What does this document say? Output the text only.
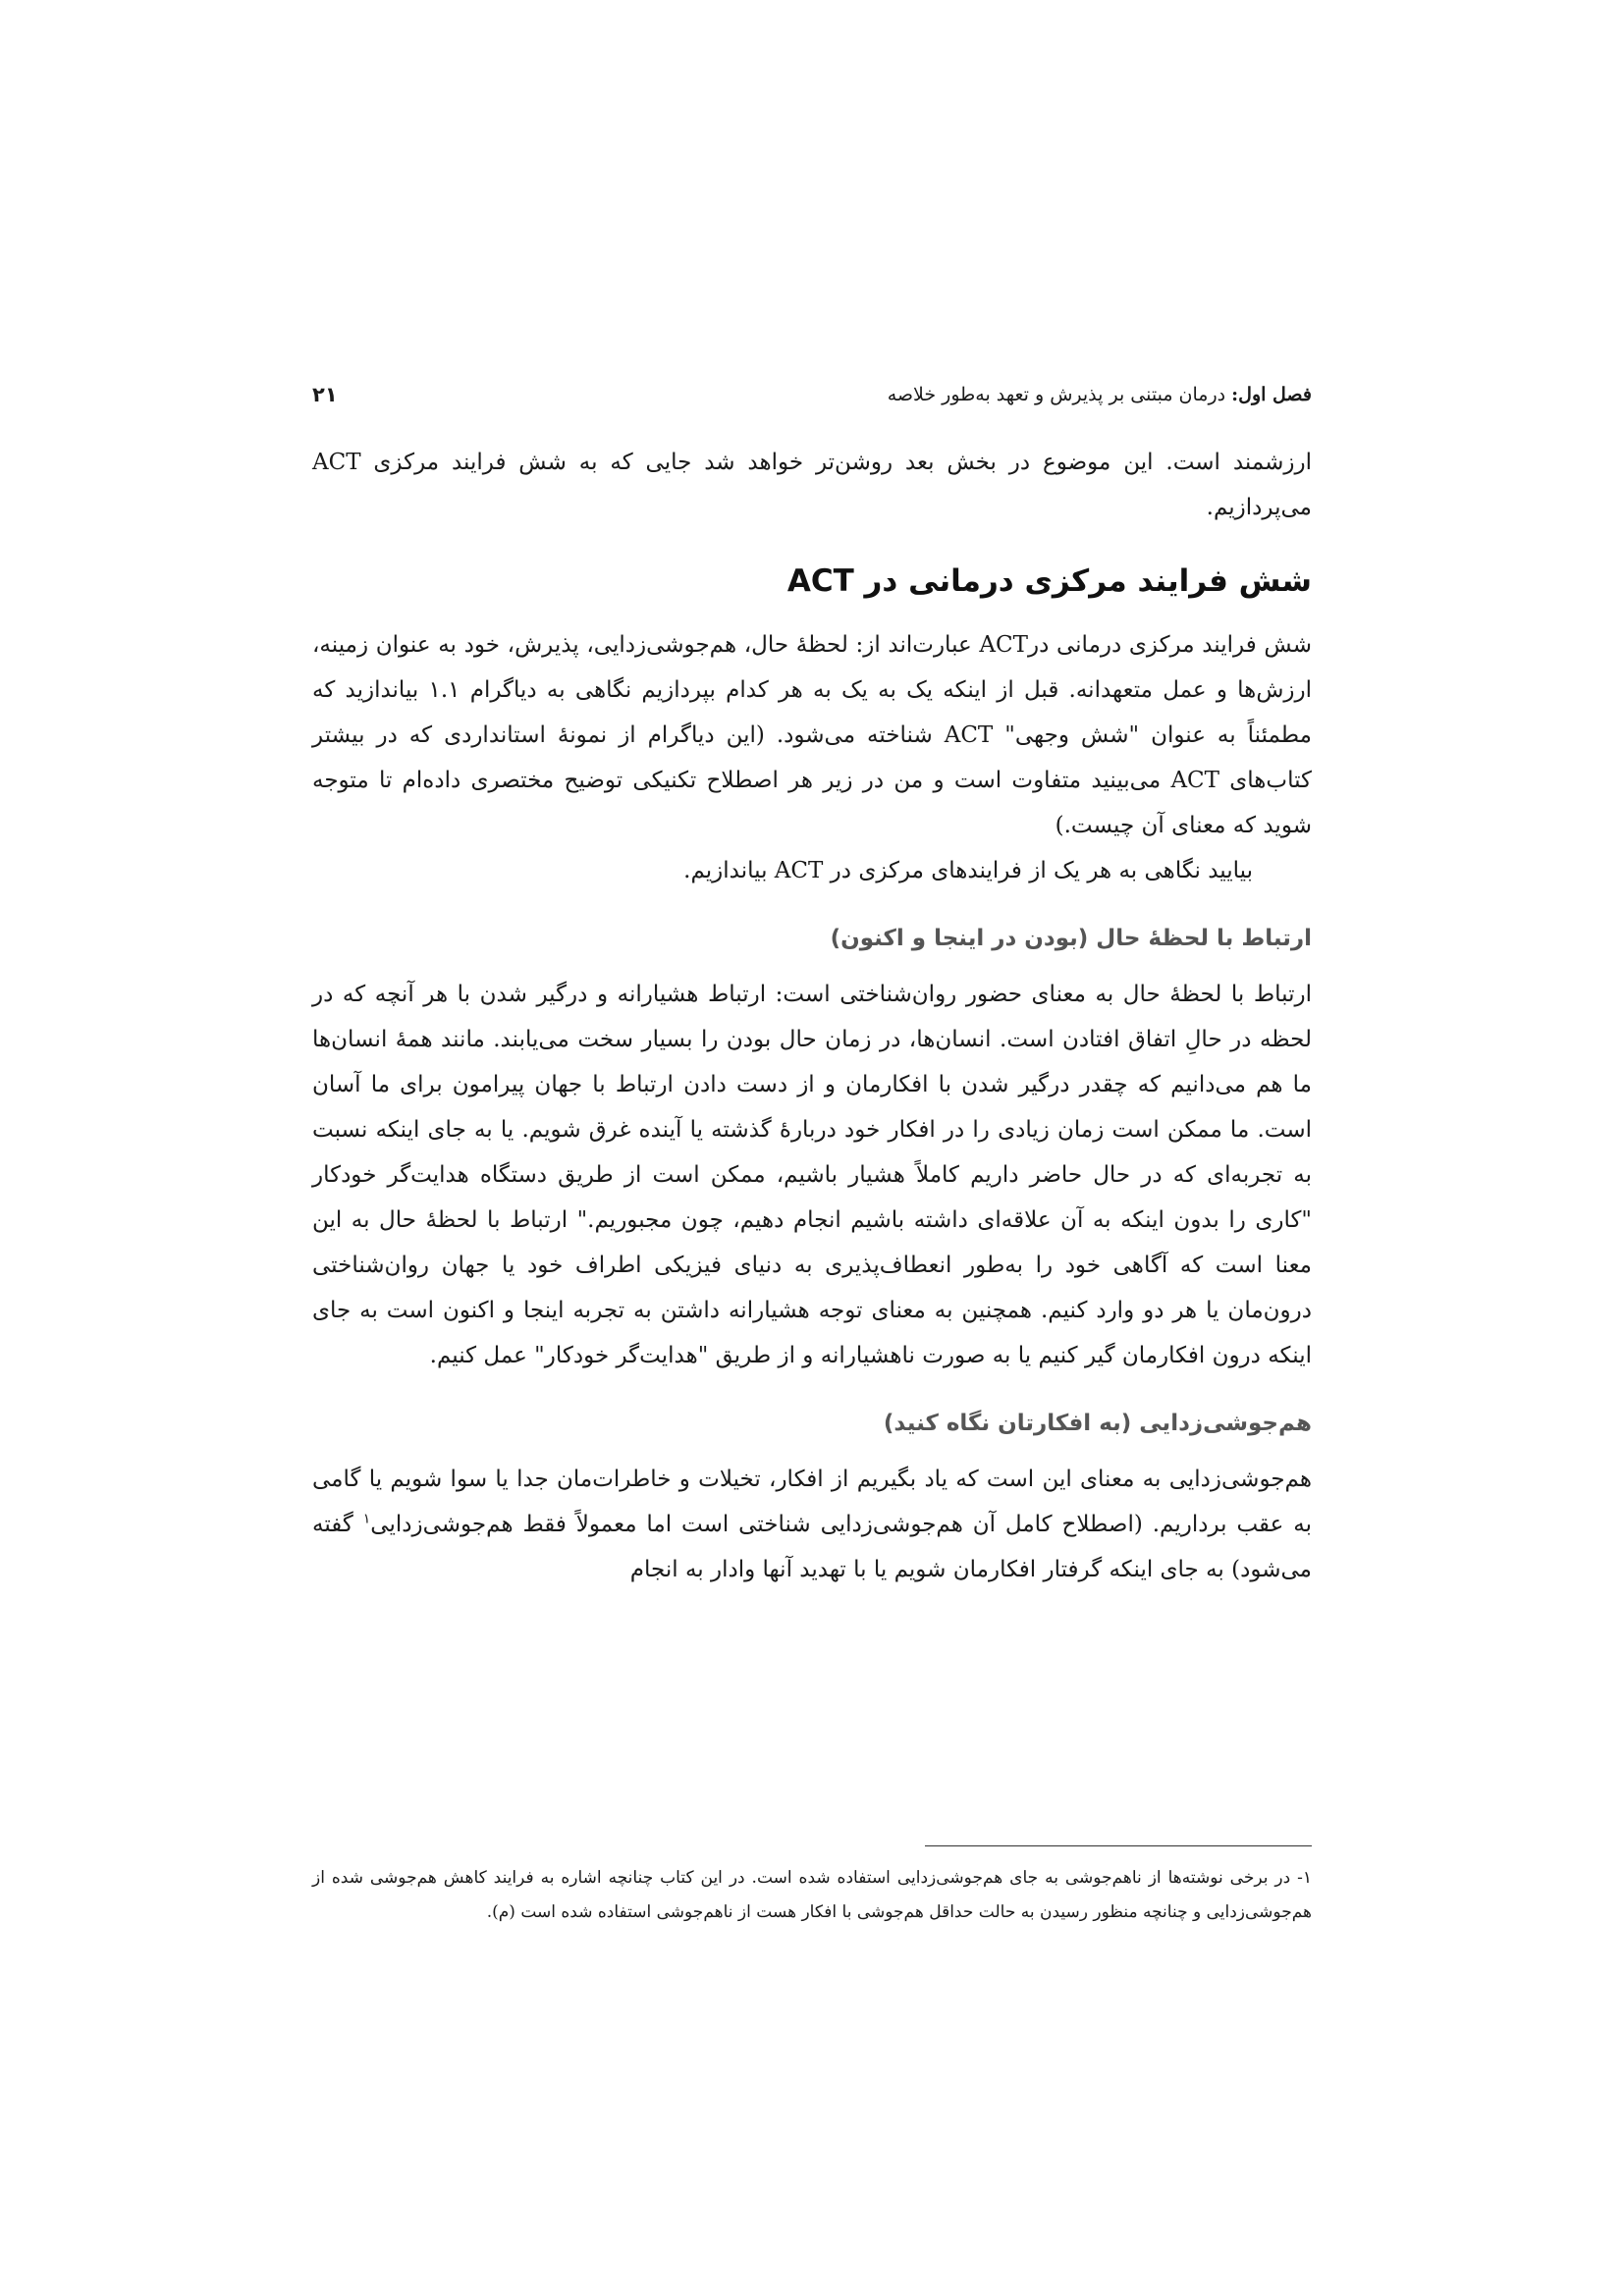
فصل اول: درمان مبتنی بر پذیرش و تعهد به‌طور خلاصه
۲۱

ارزشمند است. این موضوع در بخش بعد روشن‌تر خواهد شد جایی که به شش فرایند مرکزی ACT می‌پردازیم.

شش فرایند مرکزی درمانی در ACT

شش فرایند مرکزی درمانی درACT عبارت‌اند از: لحظهٔ حال، هم‌جوشی‌زدایی، پذیرش، خود به عنوان زمینه، ارزش‌ها و عمل متعهدانه. قبل از اینکه یک به یک به هر کدام بپردازیم نگاهی به دیاگرام ۱.۱ بیاندازید که مطمئناً به عنوان "شش وجهی" ACT شناخته می‌شود. (این دیاگرام از نمونهٔ استانداردی که در بیشتر کتاب‌های ACT می‌بینید متفاوت است و من در زیر هر اصطلاح تکنیکی توضیح مختصری داده‌ام تا متوجه شوید که معنای آن چیست.)

بیایید نگاهی به هر یک از فرایندهای مرکزی در ACT بیاندازیم.

ارتباط با لحظهٔ حال (بودن در اینجا و اکنون)

ارتباط با لحظهٔ حال به معنای حضور روان‌شناختی است: ارتباط هشیارانه و درگیر شدن با هر آنچه که در لحظه در حالِ اتفاق افتادن است. انسان‌ها، در زمان حال بودن را بسیار سخت می‌یابند. مانند همهٔ انسان‌ها ما هم می‌دانیم که چقدر درگیر شدن با افکارمان و از دست دادن ارتباط با جهان پیرامون برای ما آسان است. ما ممکن است زمان زیادی را در افکار خود دربارهٔ گذشته یا آینده غرق شویم. یا به جای اینکه نسبت به تجربه‌ای که در حال حاضر داریم کاملاً هشیار باشیم، ممکن است از طریق دستگاه هدایت‌گر خودکار "کاری را بدون اینکه به آن علاقه‌ای داشته باشیم انجام دهیم، چون مجبوریم." ارتباط با لحظهٔ حال به این معنا است که آگاهی خود را به‌طور انعطاف‌پذیری به دنیای فیزیکی اطراف خود یا جهان روان‌شناختی درون‌مان یا هر دو وارد کنیم. همچنین به معنای توجه هشیارانه داشتن به تجربه اینجا و اکنون است به جای اینکه درون افکارمان گیر کنیم یا به صورت ناهشیارانه و از طریق "هدایت‌گر خودکار" عمل کنیم.

هم‌جوشی‌زدایی (به افکارتان نگاه کنید)

هم‌جوشی‌زدایی به معنای این است که یاد بگیریم از افکار، تخیلات و خاطرات‌مان جدا یا سوا شویم یا گامی به عقب برداریم. (اصطلاح کامل آن هم‌جوشی‌زدایی شناختی است اما معمولاً فقط هم‌جوشی‌زدایی$^۱$ گفته می‌شود) به جای اینکه گرفتار افکارمان شویم یا با تهدید آنها وادار به انجام

۱- در برخی نوشته‌ها از ناهم‌جوشی به جای هم‌جوشی‌زدایی استفاده شده است. در این کتاب چنانچه اشاره به فرایند کاهش هم‌جوشی شده از هم‌جوشی‌زدایی و چنانچه منظور رسیدن به حالت حداقل هم‌جوشی با افکار هست از ناهم‌جوشی استفاده شده است (م).
